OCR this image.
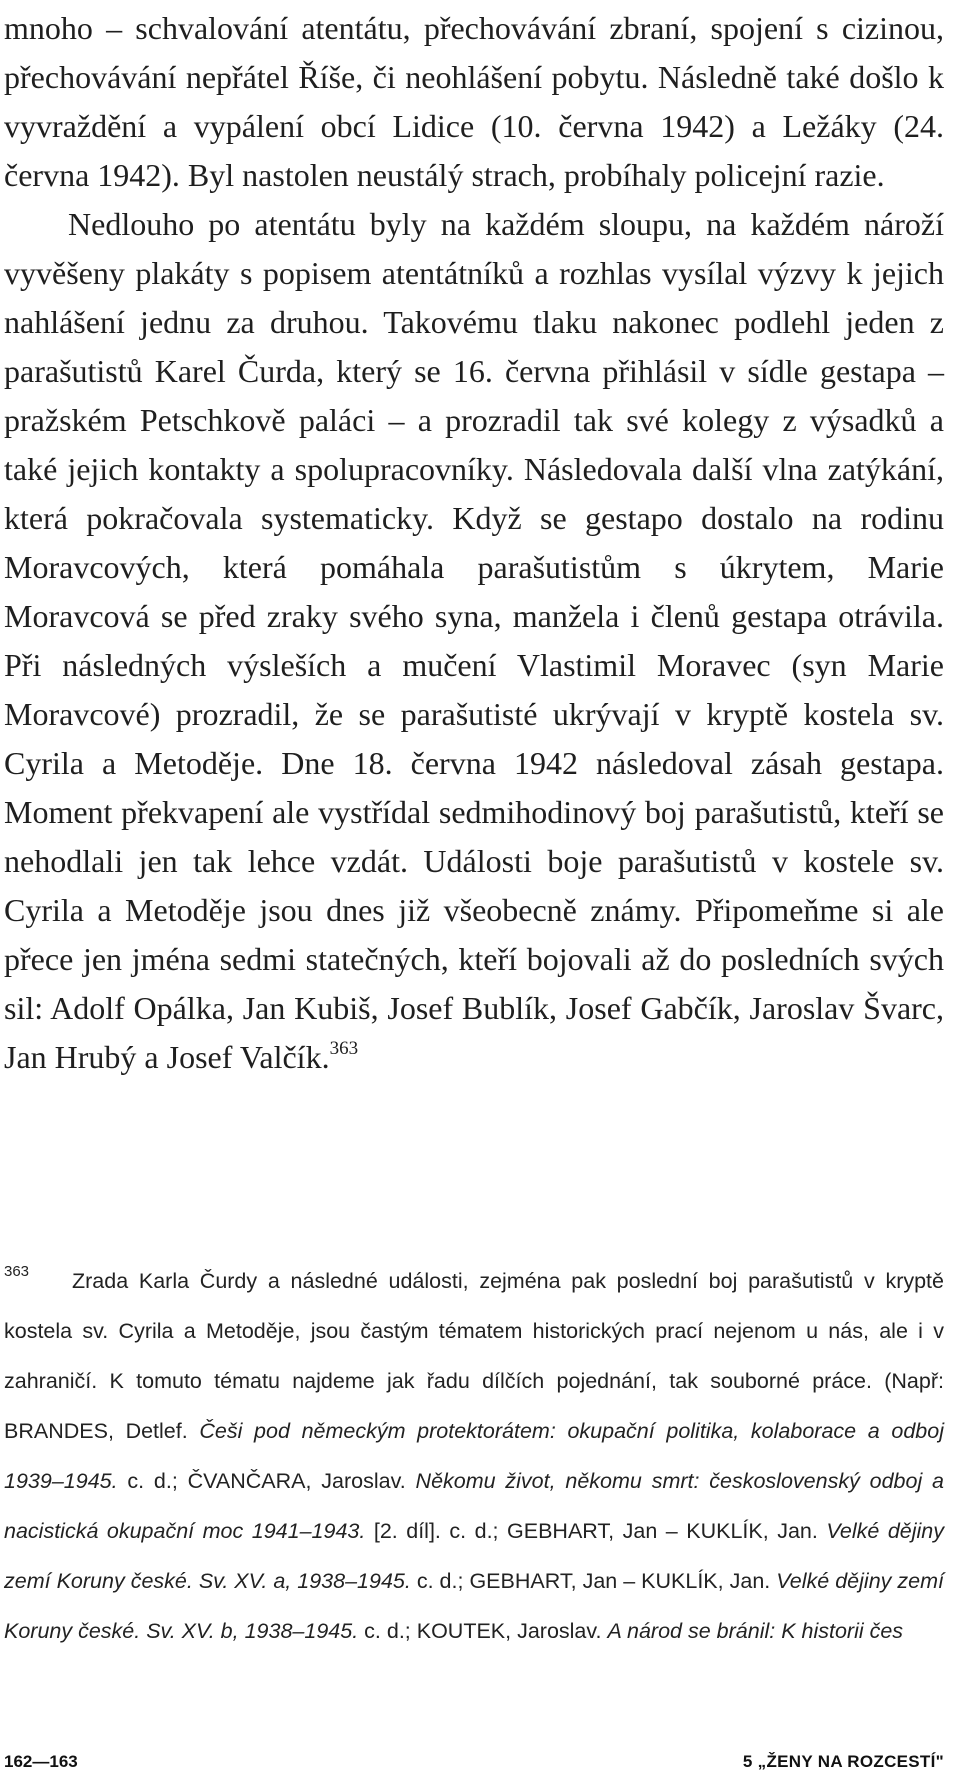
mnoho – schvalování atentátu, přechovávání zbraní, spojení s cizinou, přechovávání nepřátel Říše, či neohlášení pobytu. Následně také došlo k vyvraždění a vypálení obcí Lidice (10. června 1942) a Ležáky (24. června 1942). Byl nastolen neustálý strach, probíhaly policejní razie.

Nedlouho po atentátu byly na každém sloupu, na každém nároží vyvěšeny plakáty s popisem atentátníků a rozhlas vysílal výzvy k jejich nahlášení jednu za druhou. Takovému tlaku nakonec podlehl jeden z parašutistů Karel Čurda, který se 16. června přihlásil v sídle gestapa – pražském Petschkově paláci – a prozradil tak své kolegy z výsadků a také jejich kontakty a spolupracovníky. Následovala další vlna zatýkání, která pokračovala systematicky. Když se gestapo dostalo na rodinu Moravcových, která pomáhala parašutistům s úkrytem, Marie Moravcová se před zraky svého syna, manžela i členů gestapa otrávila. Při následných výsleších a mučení Vlastimil Moravec (syn Marie Moravcové) prozradil, že se parašutisté ukrývají v kryptě kostela sv. Cyrila a Metoděje. Dne 18. června 1942 následoval zásah gestapa. Moment překvapení ale vystřídal sedmihodinový boj parašutistů, kteří se nehodlali jen tak lehce vzdát. Události boje parašutistů v kostele sv. Cyrila a Metoděje jsou dnes již všeobecně známy. Připomeňme si ale přece jen jména sedmi statečných, kteří bojovali až do posledních svých sil: Adolf Opálka, Jan Kubiš, Josef Bublík, Josef Gabčík, Jaroslav Švarc, Jan Hrubý a Josef Valčík.$^{363}$

363 Zrada Karla Čurdy a následné události, zejména pak poslední boj parašutistů v kryptě kostela sv. Cyrila a Metoděje, jsou častým tématem historických prací nejenom u nás, ale i v zahraničí. K tomuto tématu najdeme jak řadu dílčích pojednání, tak souborné práce. (Např: BRANDES, Detlef. Češi pod německým protektorátem: okupační politika, kolaborace a odboj 1939–1945. c. d.; ČVANČARA, Jaroslav. Někomu život, někomu smrt: československý odboj a nacistická okupační moc 1941–1943. [2. díl]. c. d.; GEBHART, Jan – KUKLÍK, Jan. Velké dějiny zemí Koruny české. Sv. XV. a, 1938–1945. c. d.; GEBHART, Jan – KUKLÍK, Jan. Velké dějiny zemí Koruny české. Sv. XV. b, 1938–1945. c. d.; KOUTEK, Jaroslav. A národ se bránil: K historii čes
162—163	5 „ŽENY NA ROZCESTÍ"
